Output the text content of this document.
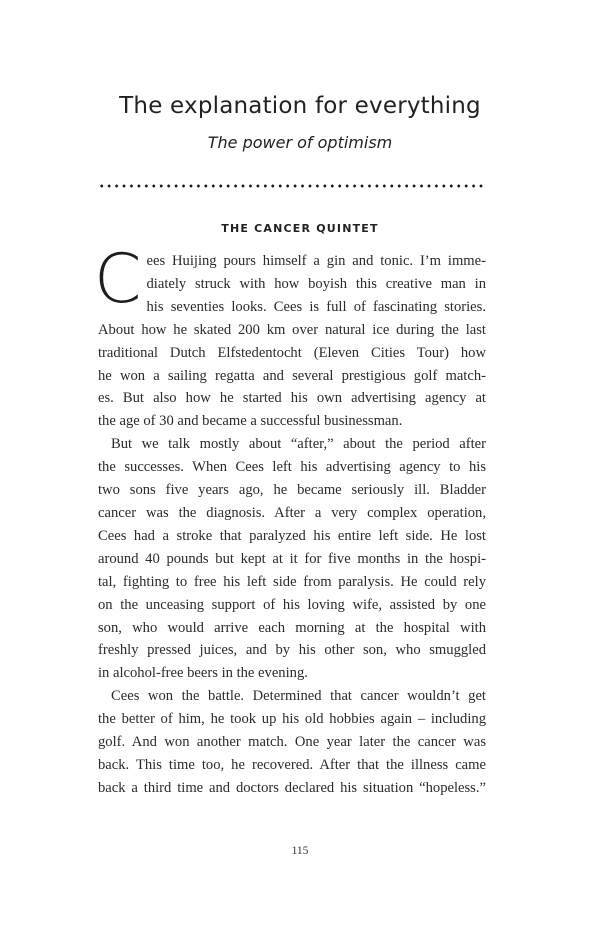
The explanation for everything
The power of optimism
THE CANCER QUINTET
C ees Huijing pours himself a gin and tonic. I’m imme-
diately struck with how boyish this creative man in
his seventies looks. Cees is full of fascinating stories.
About how he skated 200 km over natural ice during the last
traditional Dutch Elfstedentocht (Eleven Cities Tour) how
he won a sailing regatta and several prestigious golf match-
es. But also how he started his own advertising agency at
the age of 30 and became a successful businessman.
But we talk mostly about “after,” about the period after
the successes. When Cees left his advertising agency to his
two sons five years ago, he became seriously ill. Bladder
cancer was the diagnosis. After a very complex operation,
Cees had a stroke that paralyzed his entire left side. He lost
around 40 pounds but kept at it for five months in the hospi-
tal, fighting to free his left side from paralysis. He could rely
on the unceasing support of his loving wife, assisted by one
son, who would arrive each morning at the hospital with
freshly pressed juices, and by his other son, who smuggled
in alcohol-free beers in the evening.
Cees won the battle. Determined that cancer wouldn’t get
the better of him, he took up his old hobbies again – including
golf. And won another match. One year later the cancer was
back. This time too, he recovered. After that the illness came
back a third time and doctors declared his situation “hopeless.”
115
